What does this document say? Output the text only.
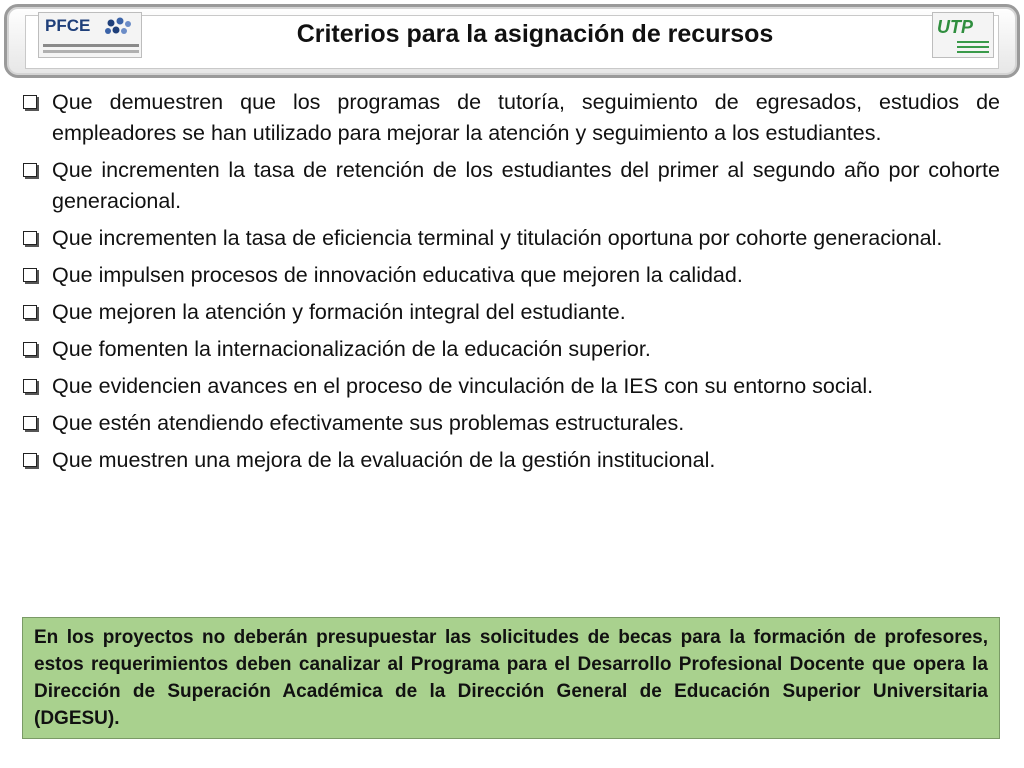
PFCE	Criterios para la asignación de recursos	UTP
Que demuestren que los programas de tutoría, seguimiento de egresados, estudios de empleadores se han utilizado para mejorar la atención y seguimiento a los estudiantes.
Que incrementen la tasa de retención de los estudiantes del primer al segundo año por cohorte generacional.
Que incrementen la tasa de eficiencia terminal y titulación oportuna por cohorte generacional.
Que impulsen procesos de innovación educativa que mejoren la calidad.
Que mejoren la atención y formación integral del estudiante.
Que fomenten la internacionalización de la educación superior.
Que evidencien avances en el proceso de vinculación de la IES con su entorno social.
Que estén atendiendo efectivamente sus problemas estructurales.
Que muestren una mejora de la evaluación de la gestión institucional.

En los proyectos no deberán presupuestar las solicitudes de becas para la formación de profesores, estos requerimientos deben canalizar al Programa para el Desarrollo Profesional Docente que opera la Dirección de Superación Académica de la Dirección General de Educación Superior Universitaria (DGESU).
